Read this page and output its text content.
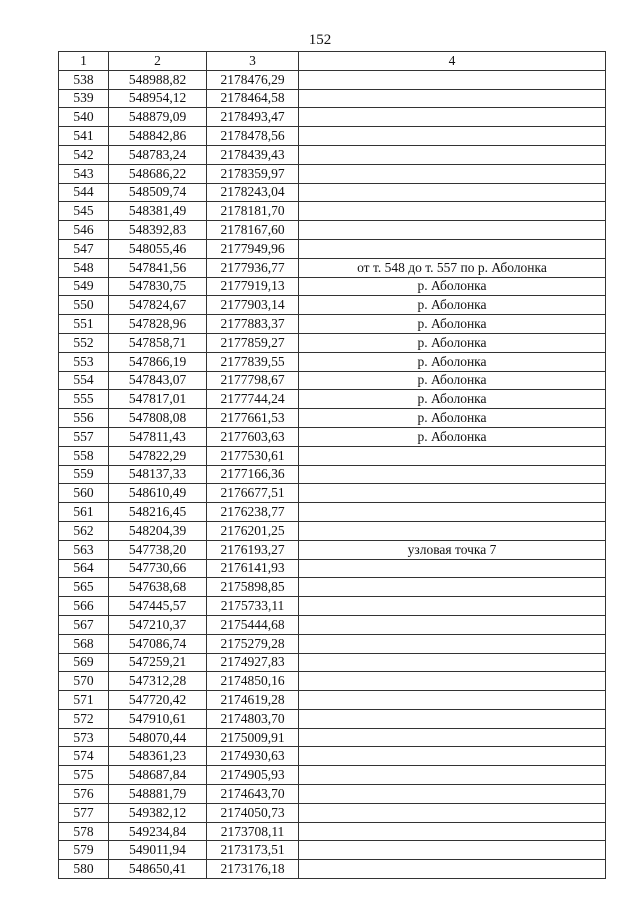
152
1	2	3	4
538	548988,82	2178476,29	
539	548954,12	2178464,58	
540	548879,09	2178493,47	
541	548842,86	2178478,56	
542	548783,24	2178439,43	
543	548686,22	2178359,97	
544	548509,74	2178243,04	
545	548381,49	2178181,70	
546	548392,83	2178167,60	
547	548055,46	2177949,96	
548	547841,56	2177936,77	от т. 548 до т. 557 по р. Аболонка
549	547830,75	2177919,13	р. Аболонка
550	547824,67	2177903,14	р. Аболонка
551	547828,96	2177883,37	р. Аболонка
552	547858,71	2177859,27	р. Аболонка
553	547866,19	2177839,55	р. Аболонка
554	547843,07	2177798,67	р. Аболонка
555	547817,01	2177744,24	р. Аболонка
556	547808,08	2177661,53	р. Аболонка
557	547811,43	2177603,63	р. Аболонка
558	547822,29	2177530,61	
559	548137,33	2177166,36	
560	548610,49	2176677,51	
561	548216,45	2176238,77	
562	548204,39	2176201,25	
563	547738,20	2176193,27	узловая точка 7
564	547730,66	2176141,93	
565	547638,68	2175898,85	
566	547445,57	2175733,11	
567	547210,37	2175444,68	
568	547086,74	2175279,28	
569	547259,21	2174927,83	
570	547312,28	2174850,16	
571	547720,42	2174619,28	
572	547910,61	2174803,70	
573	548070,44	2175009,91	
574	548361,23	2174930,63	
575	548687,84	2174905,93	
576	548881,79	2174643,70	
577	549382,12	2174050,73	
578	549234,84	2173708,11	
579	549011,94	2173173,51	
580	548650,41	2173176,18	
